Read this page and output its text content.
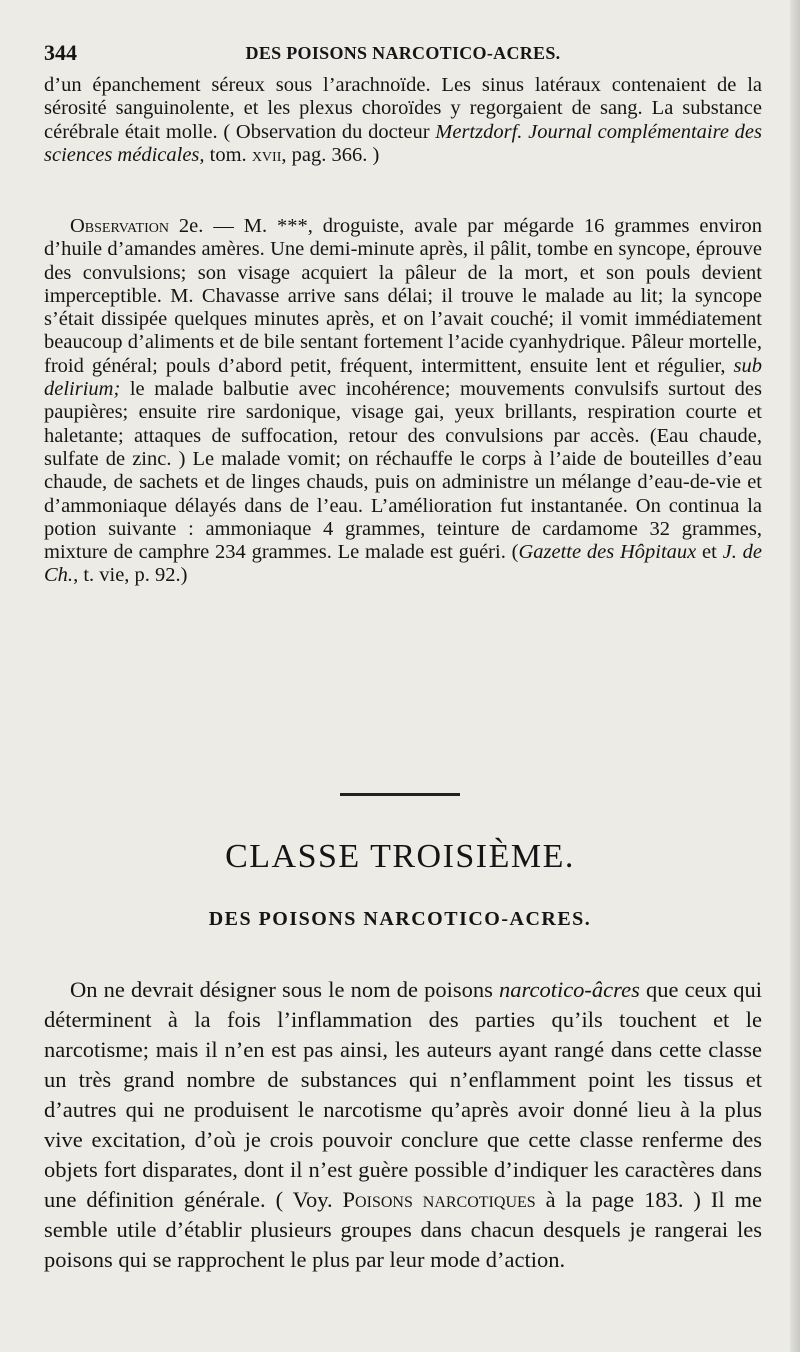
344	DES POISONS NARCOTICO-ACRES.
d’un épanchement séreux sous l’arachnoïde. Les sinus latéraux contenaient de la sérosité sanguinolente, et les plexus choroïdes y regorgaient de sang. La substance cérébrale était molle. ( Observation du docteur Mertzdorf. Journal complémentaire des sciences médicales, tom. xvii, pag. 366. )
Observation 2e. — M. ***, droguiste, avale par mégarde 16 grammes environ d’huile d’amandes amères. Une demi-minute après, il pâlit, tombe en syncope, éprouve des convulsions; son visage acquiert la pâleur de la mort, et son pouls devient imperceptible. M. Chavasse arrive sans délai; il trouve le malade au lit; la syncope s’était dissipée quelques minutes après, et on l’avait couché; il vomit immédiatement beaucoup d’aliments et de bile sentant fortement l’acide cyanhydrique. Pâleur mortelle, froid général; pouls d’abord petit, fréquent, intermittent, ensuite lent et régulier, sub delirium; le malade balbutie avec incohérence; mouvements convulsifs surtout des paupières; ensuite rire sardonique, visage gai, yeux brillants, respiration courte et haletante; attaques de suffocation, retour des convulsions par accès. (Eau chaude, sulfate de zinc. ) Le malade vomit; on réchauffe le corps à l’aide de bouteilles d’eau chaude, de sachets et de linges chauds, puis on administre un mélange d’eau-de-vie et d’ammoniaque délayés dans de l’eau. L’amélioration fut instantanée. On continua la potion suivante : ammoniaque 4 grammes, teinture de cardamome 32 grammes, mixture de camphre 234 grammes. Le malade est guéri. (Gazette des Hôpitaux et J. de Ch., t. vie, p. 92.)
CLASSE TROISIÈME.
DES POISONS NARCOTICO-ACRES.
On ne devrait désigner sous le nom de poisons narcotico-âcres que ceux qui déterminent à la fois l’inflammation des parties qu’ils touchent et le narcotisme; mais il n’en est pas ainsi, les auteurs ayant rangé dans cette classe un très grand nombre de substances qui n’enflamment point les tissus et d’autres qui ne produisent le narcotisme qu’après avoir donné lieu à la plus vive excitation, d’où je crois pouvoir conclure que cette classe renferme des objets fort disparates, dont il n’est guère possible d’indiquer les caractères dans une définition générale. ( Voy. Poisons narcotiques à la page 183. ) Il me semble utile d’établir plusieurs groupes dans chacun desquels je rangerai les poisons qui se rapprochent le plus par leur mode d’action.
